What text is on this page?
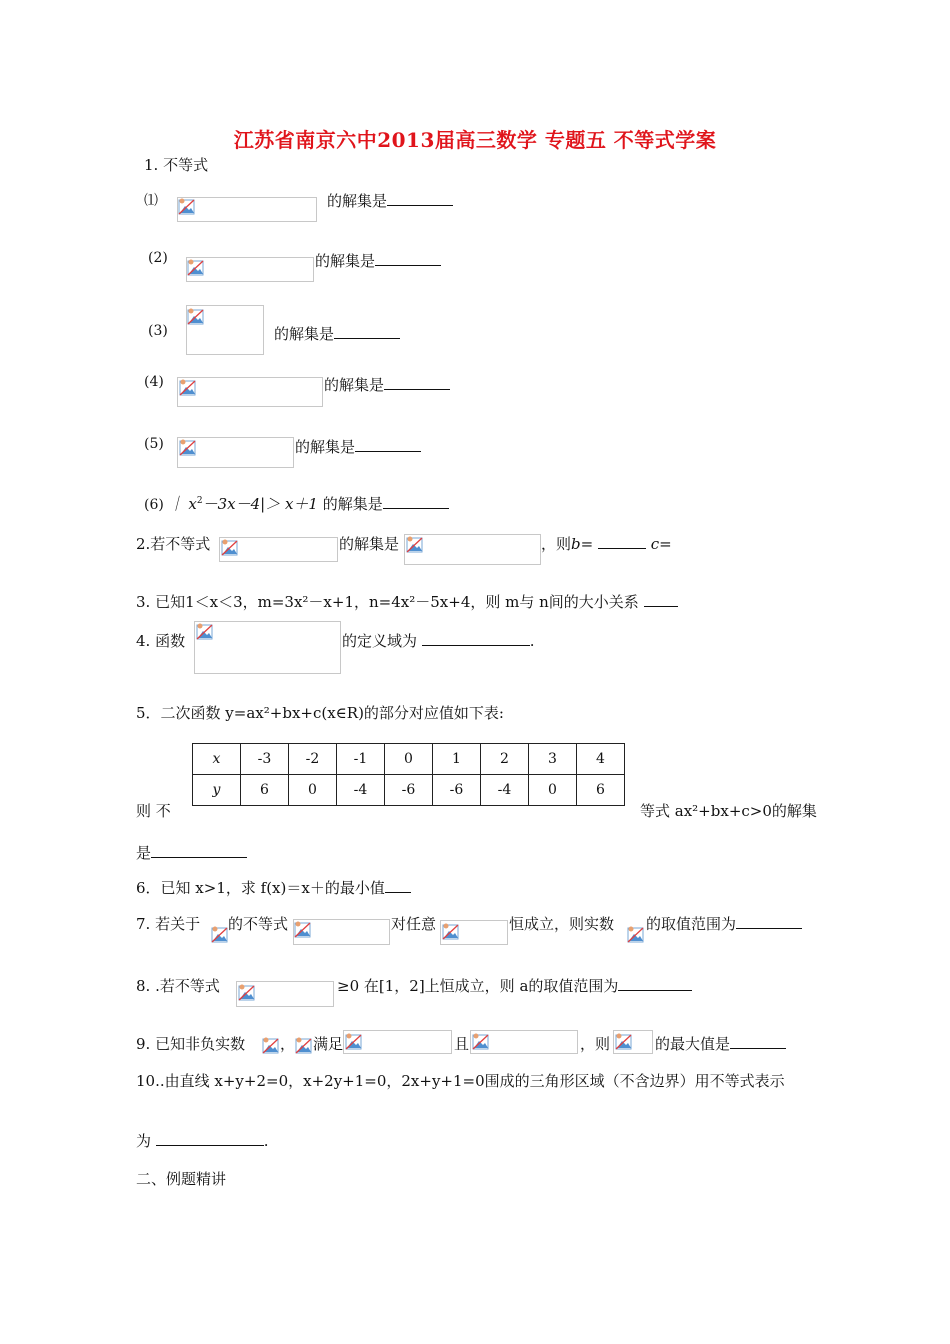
江苏省南京六中2013届高三数学 专题五 不等式学案
1. 不等式
⑴	的解集是
(2)	的解集是
(3)	的解集是
(4)	的解集是
(5)	的解集是
(6) ｜ $x^2-3x-4|> x+1$ 的解集是
2.若不等式	的解集是	，则b=	c=
3. 已知1＜x＜3，m=3x²－x+1，n=4x²－5x+4，则 m与 n间的大小关系
4. 函数	的定义域为	.
5．二次函数 y=ax²+bx+c(x∈R)的部分对应值如下表:
x	-3	-2	-1	0	1	2	3	4
y	6	0	-4	-6	-6	-4	0	6
则 不	等式 ax²+bx+c>0的解集
是
6．已知 x>1，求 f(x)＝x＋的最小值
7. 若关于 的不等式	对任意	恒成立，则实数 的取值范围为
8. .若不等式	≥0 在[1，2]上恒成立，则 a的取值范围为
9. 已知非负实数 ， 满足	且	，则	的最大值是
10..由直线 x+y+2=0，x+2y+1=0，2x+y+1=0围成的三角形区域（不含边界）用不等式表示
为	.
二、例题精讲
